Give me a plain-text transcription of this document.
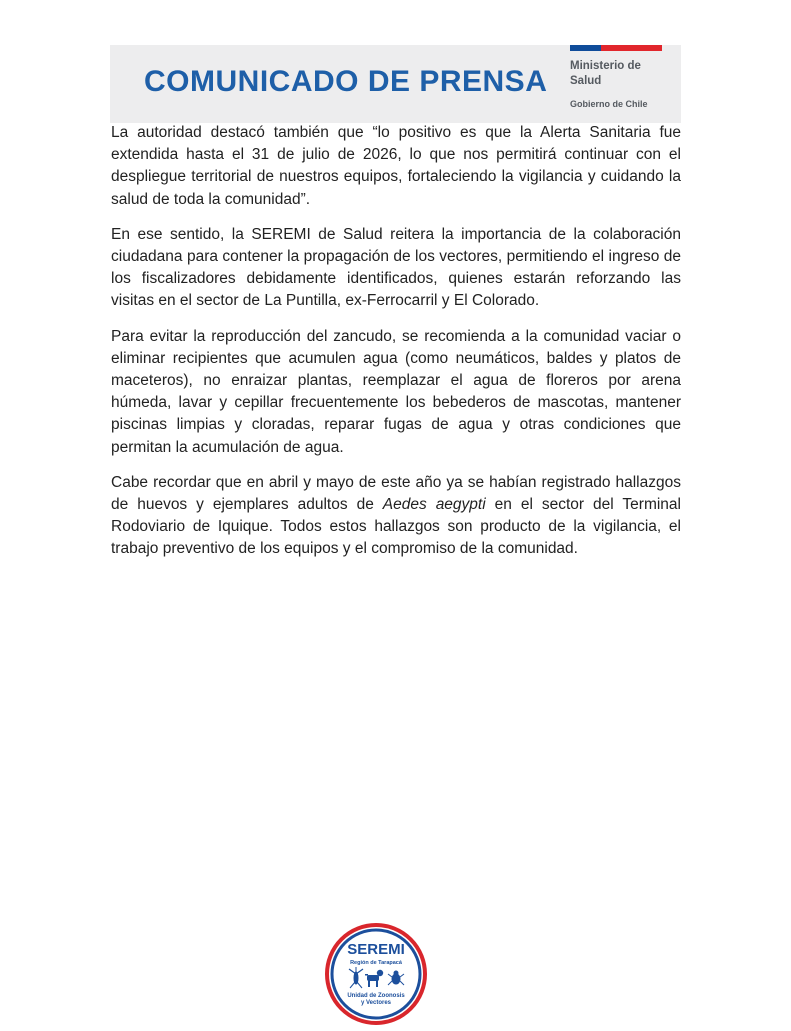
COMUNICADO DE PRENSA Ministerio de
Salud
Gobierno de Chile

La autoridad destacó también que “lo positivo es que la Alerta Sanitaria fue extendida hasta el 31 de julio de 2026, lo que nos permitirá continuar con el despliegue territorial de nuestros equipos, fortaleciendo la vigilancia y cuidando la salud de toda la comunidad”.

En ese sentido, la SEREMI de Salud reitera la importancia de la colaboración ciudadana para contener la propagación de los vectores, permitiendo el ingreso de los fiscalizadores debidamente identificados, quienes estarán reforzando las visitas en el sector de La Puntilla, ex-Ferrocarril y El Colorado.

Para evitar la reproducción del zancudo, se recomienda a la comunidad vaciar o eliminar recipientes que acumulen agua (como neumáticos, baldes y platos de maceteros), no enraizar plantas, reemplazar el agua de floreros por arena húmeda, lavar y cepillar frecuentemente los bebederos de mascotas, mantener piscinas limpias y cloradas, reparar fugas de agua y otras condiciones que permitan la acumulación de agua.

Cabe recordar que en abril y mayo de este año ya se habían registrado hallazgos de huevos y ejemplares adultos de Aedes aegypti en el sector del Terminal Rodoviario de Iquique. Todos estos hallazgos son producto de la vigilancia, el trabajo preventivo de los equipos y el compromiso de la comunidad.

SEREMI
Región de Tarapacá
Unidad de Zoonosis
y Vectores
